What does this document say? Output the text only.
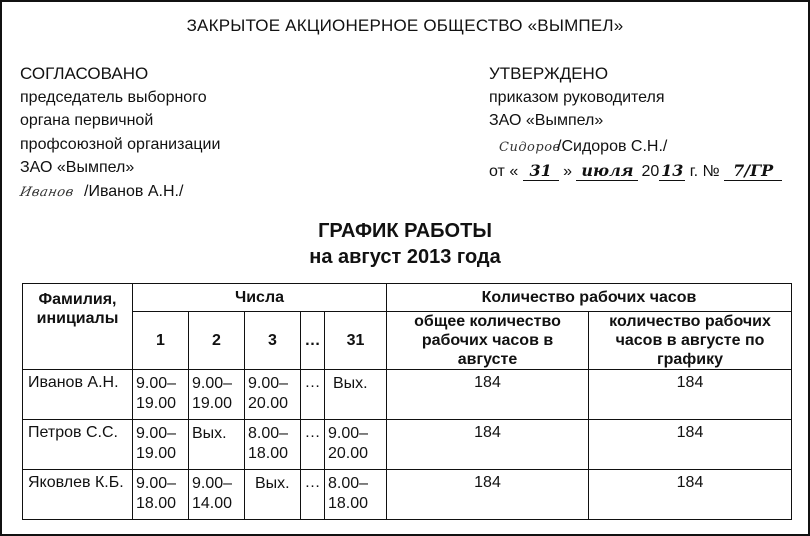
ЗАКРЫТОЕ АКЦИОНЕРНОЕ ОБЩЕСТВО «ВЫМПЕЛ»
СОГЛАСОВАНО
председатель выборного
органа первичной
профсоюзной организации
ЗАО «Вымпел»
Иванов /Иванов А.Н./
УТВЕРЖДЕНО
приказом руководителя
ЗАО «Вымпел»
Сидоров/Сидоров С.Н./
от « 31 » июля 20 13 г. № 7/ГР
ГРАФИК РАБОТЫ
на август 2013 года
Фамилия, инициалы	Числа					Количество рабочих часов	
	1	2	3	…	31	общее количество рабочих часов в августе	количество рабочих часов в августе по графику
Иванов А.Н.	9.00– 19.00	9.00– 19.00	9.00– 20.00	…	Вых.	184	184
Петров С.С.	9.00– 19.00	Вых.	8.00– 18.00	…	9.00– 20.00	184	184
Яковлев К.Б.	9.00– 18.00	9.00– 14.00	Вых.	…	8.00– 18.00	184	184
